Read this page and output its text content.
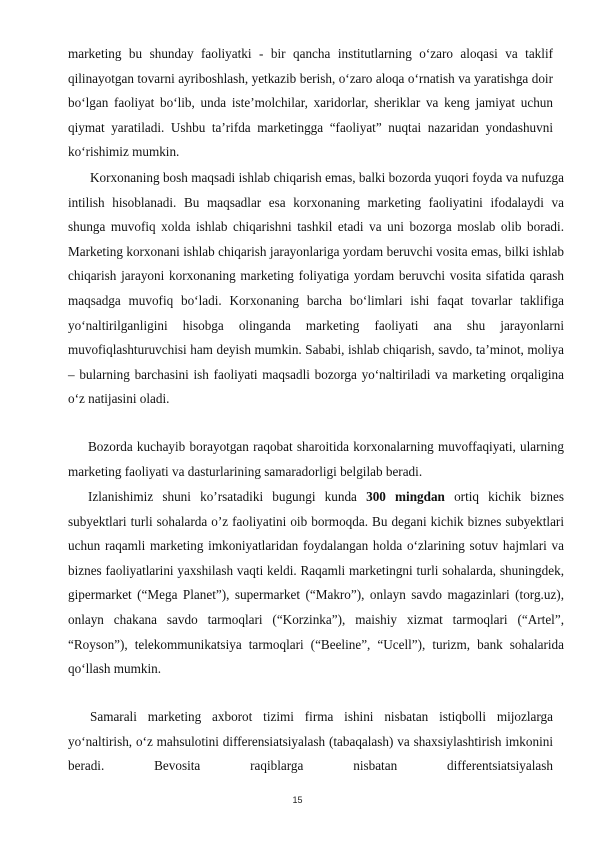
marketing bu shunday faoliyatki - bir qancha institutlarning o‘zaro aloqasi va taklif qilinayotgan tovarni ayriboshlash, yetkazib berish, o‘zaro aloqa o‘rnatish va yaratishga doir bo‘lgan faoliyat bo‘lib, unda iste’molchilar, xaridorlar, sheriklar va keng jamiyat uchun qiymat yaratiladi. Ushbu ta’rifda marketingga “faoliyat” nuqtai nazaridan yondashuvni ko‘rishimiz mumkin.

Korxonaning bosh maqsadi ishlab chiqarish emas, balki bozorda yuqori foyda va nufuzga intilish hisoblanadi. Bu maqsadlar esa korxonaning marketing faoliyatini ifodalaydi va shunga muvofiq xolda ishlab chiqarishni tashkil etadi va uni bozorga moslab olib boradi. Marketing korxonani ishlab chiqarish jarayonlariga yordam beruvchi vosita emas, bilki ishlab chiqarish jarayoni korxonaning marketing foliyatiga yordam beruvchi vosita sifatida qarash maqsadga muvofiq bo‘ladi. Korxonaning barcha bo‘limlari ishi faqat tovarlar taklifiga yo‘naltirilganligini hisobga olinganda marketing faoliyati ana shu jarayonlarni muvofiqlashturuvchisi ham deyish mumkin. Sababi, ishlab chiqarish, savdo, ta’minot, moliya – bularning barchasini ish faoliyati maqsadli bozorga yo‘naltiriladi va marketing orqaligina o‘z natijasini oladi.

Bozorda kuchayib borayotgan raqobat sharoitida korxonalarning muvoffaqiyati, ularning marketing faoliyati va dasturlarining samaradorligi belgilab beradi.

Izlanishimiz shuni ko’rsatadiki bugungi kunda 300 mingdan ortiq kichik biznes subyektlari turli sohalarda o’z faoliyatini oib bormoqda. Bu degani kichik biznes subyektlari uchun raqamli marketing imkoniyatlaridan foydalangan holda o‘zlarining sotuv hajmlari va biznes faoliyatlarini yaxshilash vaqti keldi. Raqamli marketingni turli sohalarda, shuningdek, gipermarket (“Mega Planet”), supermarket (“Makro”), onlayn savdo magazinlari (torg.uz), onlayn chakana savdo tarmoqlari (“Korzinka”), maishiy xizmat tarmoqlari (“Artel”, “Royson”), telekommunikatsiya tarmoqlari (“Beeline”, “Ucell”), turizm, bank sohalarida qo‘llash mumkin.

Samarali marketing axborot tizimi firma ishini nisbatan istiqbolli mijozlarga yo‘naltirish, o‘z mahsulotini differensiatsiyalash (tabaqalash) va shaxsiylashtirish imkonini beradi. Bevosita raqiblarga nisbatan differentsiatsiyalash

15
